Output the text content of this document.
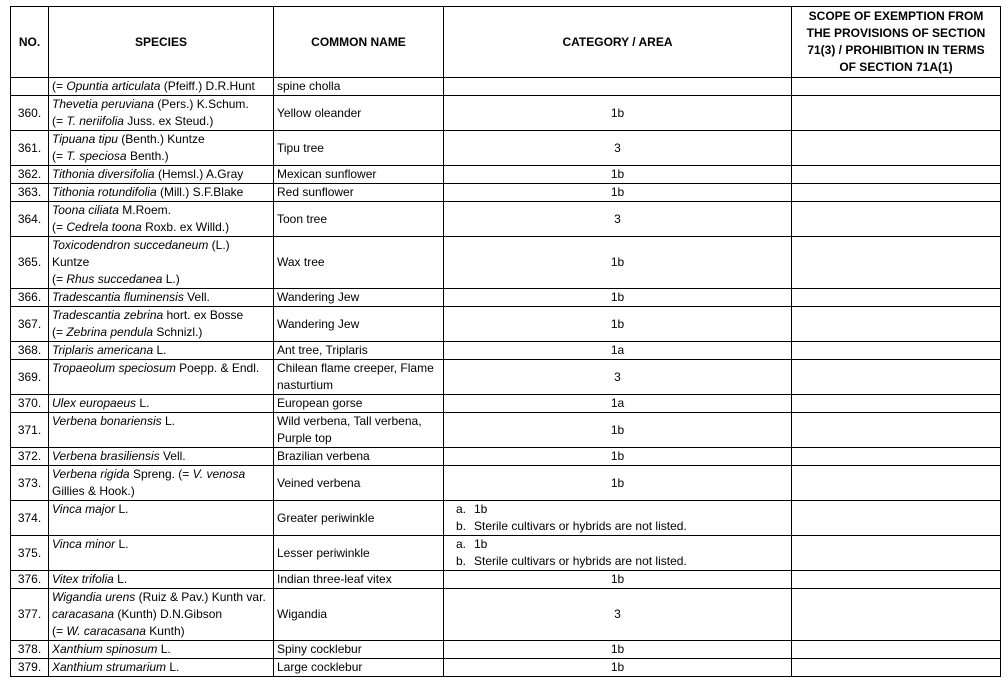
NO.	SPECIES	COMMON NAME	CATEGORY / AREA	SCOPE OF EXEMPTION FROM THE PROVISIONS OF SECTION 71(3) / PROHIBITION IN TERMS OF SECTION 71A(1)

	(= Opuntia articulata (Pfeiff.) D.R.Hunt	spine cholla		
360.	Thevetia peruviana (Pers.) K.Schum.
(= T. neriifolia Juss. ex Steud.)	Yellow oleander	1b	
361.	Tipuana tipu (Benth.) Kuntze
(= T. speciosa Benth.)	Tipu tree	3	
362.	Tithonia diversifolia (Hemsl.) A.Gray	Mexican sunflower	1b	
363.	Tithonia rotundifolia (Mill.) S.F.Blake	Red sunflower	1b	
364.	Toona ciliata M.Roem.
(= Cedrela toona Roxb. ex Willd.)	Toon tree	3	
365.	Toxicodendron succedaneum (L.) Kuntze
(= Rhus succedanea L.)	Wax tree	1b	
366.	Tradescantia fluminensis Vell.	Wandering Jew	1b	
367.	Tradescantia zebrina hort. ex Bosse
(= Zebrina pendula Schnizl.)	Wandering Jew	1b	
368.	Triplaris americana L.	Ant tree, Triplaris	1a	
369.	Tropaeolum speciosum Poepp. & Endl.	Chilean flame creeper, Flame nasturtium	3	
370.	Ulex europaeus L.	European gorse	1a	
371.	Verbena bonariensis L.	Wild verbena, Tall verbena, Purple top	1b	
372.	Verbena brasiliensis Vell.	Brazilian verbena	1b	
373.	Verbena rigida Spreng. (= V. venosa
Gillies & Hook.)	Veined verbena	1b	
374.	Vinca major L.	Greater periwinkle	a. 1b
b. Sterile cultivars or hybrids are not listed.	

375.	Vinca minor L.	Lesser periwinkle	a. 1b
b. Sterile cultivars or hybrids are not listed.	

376.	Vitex trifolia L.	Indian three-leaf vitex	1b	
377.	Wigandia urens (Ruiz & Pav.) Kunth var.
caracasana (Kunth) D.N.Gibson
(= W. caracasana Kunth)	Wigandia	3	
378.	Xanthium spinosum L.	Spiny cocklebur	1b	
379.	Xanthium strumarium L.	Large cocklebur	1b	
